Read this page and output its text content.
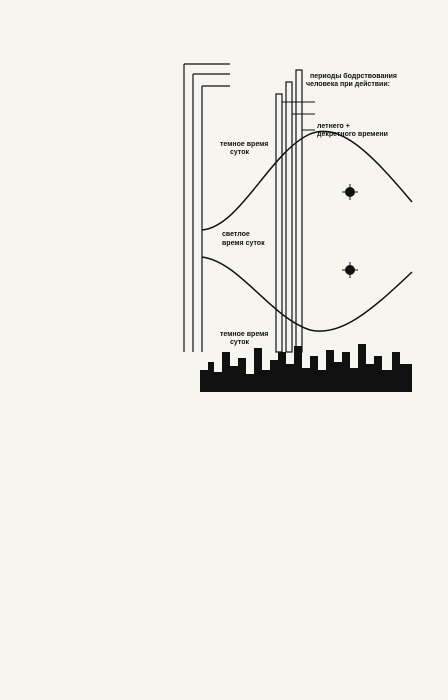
периоды бодрствования
человека при действии:
летнего +
декретного времени
темное время
суток
светлое
время суток
темное время
суток
